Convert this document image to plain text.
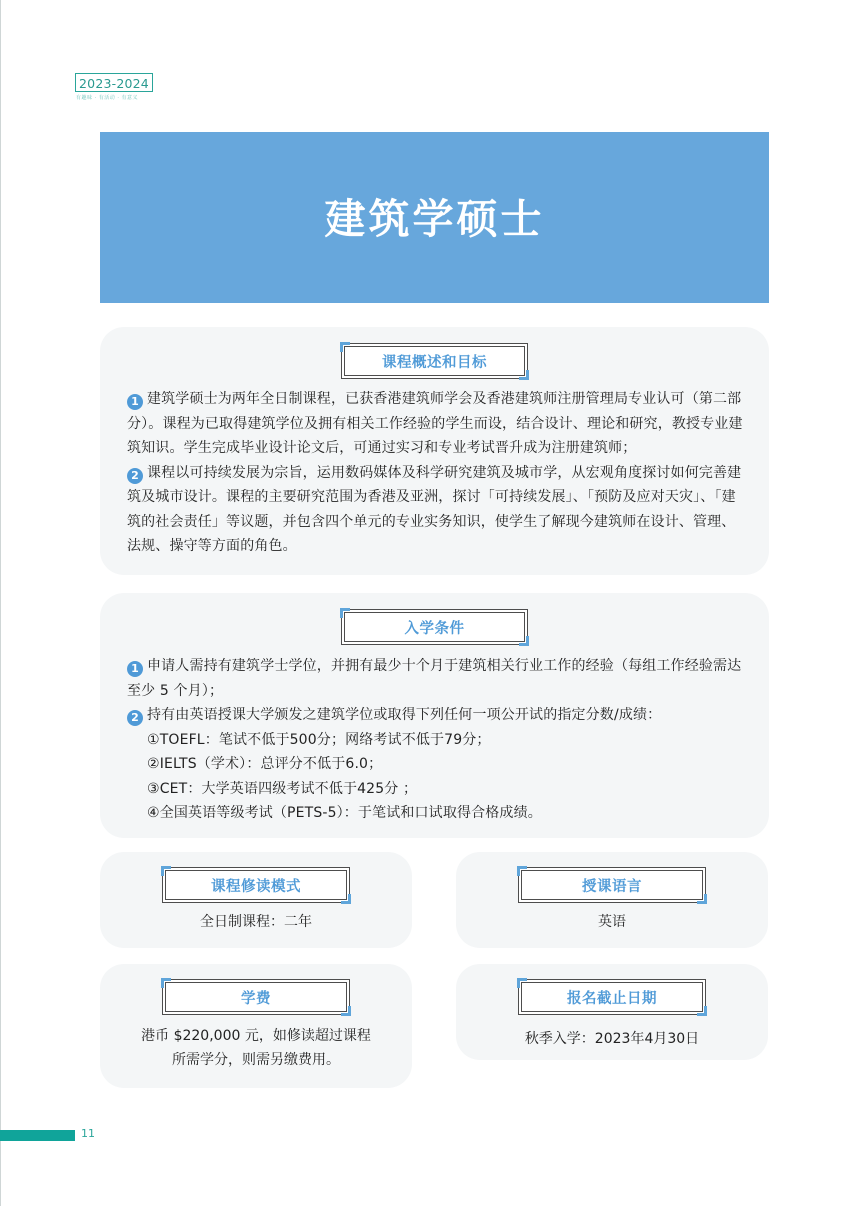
2023-2024
有趣味 · 有活动 · 有意义
建筑学硕士
课程概述和目标
1 建筑学硕士为两年全日制课程，已获香港建筑师学会及香港建筑师注册管理局专业认可（第二部分）。课程为已取得建筑学位及拥有相关工作经验的学生而设，结合设计、理论和研究，教授专业建筑知识。学生完成毕业设计论文后，可通过实习和专业考试晋升成为注册建筑师；
2 课程以可持续发展为宗旨，运用数码媒体及科学研究建筑及城市学，从宏观角度探讨如何完善建筑及城市设计。课程的主要研究范围为香港及亚洲，探讨「可持续发展」、「预防及应对天灾」、「建筑的社会责任」等议题，并包含四个单元的专业实务知识，使学生了解现今建筑师在设计、管理、法规、操守等方面的角色。
入学条件
1 申请人需持有建筑学士学位，并拥有最少十个月于建筑相关行业工作的经验（每组工作经验需达至少 5 个月）；
2 持有由英语授课大学颁发之建筑学位或取得下列任何一项公开试的指定分数/成绩：
①TOEFL：笔试不低于500分；网络考试不低于79分；
②IELTS（学术）：总评分不低于6.0；
③CET：大学英语四级考试不低于425分 ；
④全国英语等级考试（PETS-5）：于笔试和口试取得合格成绩。
课程修读模式
全日制课程：二年
授课语言
英语
学费
港币 $220,000 元，如修读超过课程
所需学分，则需另缴费用。
报名截止日期
秋季入学：2023年4月30日
11
